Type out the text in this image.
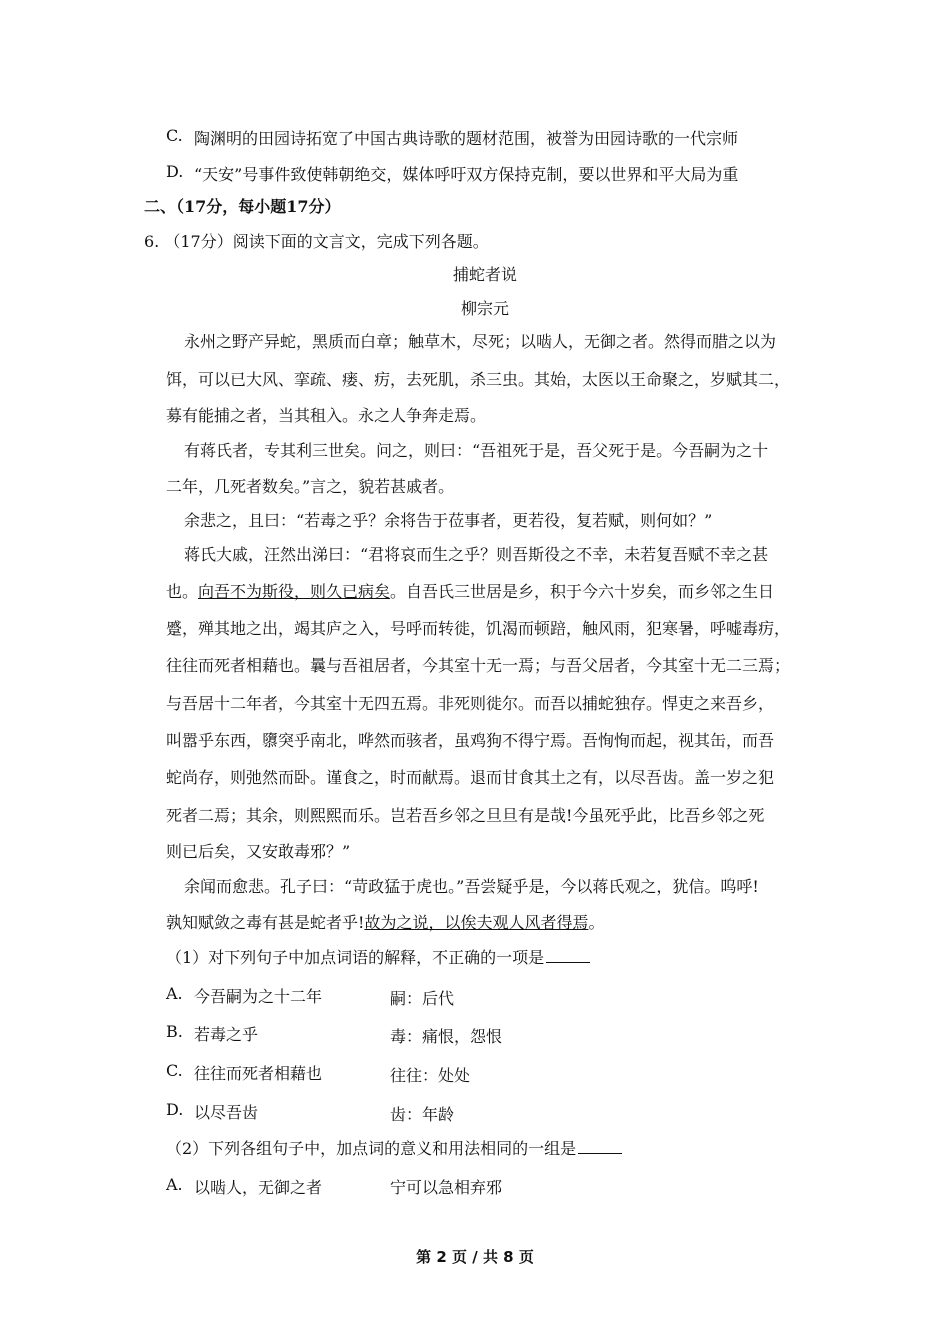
C. 陶渊明的田园诗拓宽了中国古典诗歌的题材范围，被誉为田园诗歌的一代宗师
D. “天安”号事件致使韩朝绝交，媒体呼吁双方保持克制，要以世界和平大局为重
二、（17分，每小题17分）
6. （17分）阅读下面的文言文，完成下列各题。
捕蛇者说
柳宗元
永州之野产异蛇，黑质而白章；触草木，尽死；以啮人，无御之者。然得而腊之以为
饵，可以已大风、挛疏、瘘、疠，去死肌，杀三虫。其始，太医以王命聚之，岁赋其二，
募有能捕之者，当其租入。永之人争奔走焉。
有蒋氏者，专其利三世矣。问之，则曰：“吾祖死于是，吾父死于是。今吾嗣为之十
二年，几死者数矣。”言之，貌若甚戚者。
余悲之，且曰：“若毒之乎？余将告于莅事者，更若役，复若赋，则何如？”
蒋氏大戚，汪然出涕曰：“君将哀而生之乎？则吾斯役之不幸，未若复吾赋不幸之甚
也。向吾不为斯役，则久已病矣。自吾氏三世居是乡，积于今六十岁矣，而乡邻之生日
蹙，殚其地之出，竭其庐之入，号呼而转徙，饥渴而顿踣，触风雨，犯寒暑，呼嘘毒疠，
往往而死者相藉也。曩与吾祖居者，今其室十无一焉；与吾父居者，今其室十无二三焉；
与吾居十二年者，今其室十无四五焉。非死则徙尔。而吾以捕蛇独存。悍吏之来吾乡，
叫嚣乎东西，隳突乎南北，哗然而骇者，虽鸡狗不得宁焉。吾恂恂而起，视其缶，而吾
蛇尚存，则弛然而卧。谨食之，时而献焉。退而甘食其土之有，以尽吾齿。盖一岁之犯
死者二焉；其余，则熙熙而乐。岂若吾乡邻之旦旦有是哉!今虽死乎此，比吾乡邻之死
则已后矣，又安敢毒邪？”
余闻而愈悲。孔子曰：“苛政猛于虎也。”吾尝疑乎是，今以蒋氏观之，犹信。呜呼!
孰知赋敛之毒有甚是蛇者乎!故为之说，以俟夫观人风者得焉。
（1）对下列句子中加点词语的解释，不正确的一项是
A. 今吾嗣为之十二年	嗣：后代
B. 若毒之乎	毒：痛恨，怨恨
C. 往往而死者相藉也	往往：处处
D. 以尽吾齿	齿：年龄
（2）下列各组句子中，加点词的意义和用法相同的一组是
A. 以啮人，无御之者	宁可以急相弃邪
第 2 页 / 共 8 页
